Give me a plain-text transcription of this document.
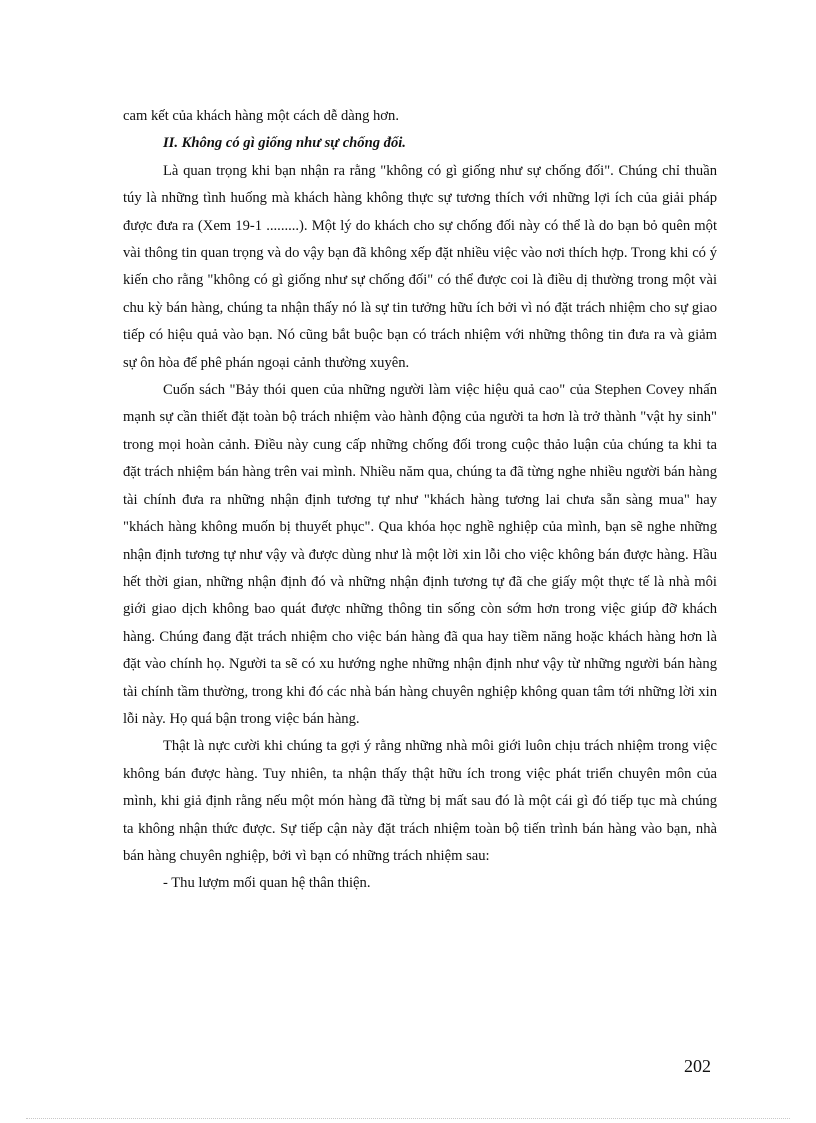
cam kết của khách hàng một cách dễ dàng hơn.

II. Không có gì giống như sự chống đối.

Là quan trọng khi bạn nhận ra rằng "không có gì giống như sự chống đối". Chúng chỉ thuần túy là những tình huống mà khách hàng không thực sự tương thích với những lợi ích của giải pháp được đưa ra (Xem 19-1 .........). Một lý do khách cho sự chống đối này có thể là do bạn bỏ quên một vài thông tin quan trọng và do vậy bạn đã không xếp đặt nhiều việc vào nơi thích hợp. Trong khi có ý kiến cho rằng "không có gì giống như sự chống đối" có thể được coi là điều dị thường trong một vài chu kỳ bán hàng, chúng ta nhận thấy nó là sự tin tưởng hữu ích bởi vì nó đặt trách nhiệm cho sự giao tiếp có hiệu quả vào bạn. Nó cũng bắt buộc bạn có trách nhiệm với những thông tin đưa ra và giảm sự ôn hòa để phê phán ngoại cảnh thường xuyên.

Cuốn sách "Bảy thói quen của những người làm việc hiệu quả cao" của Stephen Covey nhấn mạnh sự cần thiết đặt toàn bộ trách nhiệm vào hành động của người ta hơn là trở thành "vật hy sinh" trong mọi hoàn cảnh. Điều này cung cấp những chống đối trong cuộc thảo luận của chúng ta khi ta đặt trách nhiệm bán hàng trên vai mình. Nhiều năm qua, chúng ta đã từng nghe nhiều người bán hàng tài chính đưa ra những nhận định tương tự như "khách hàng tương lai chưa sẵn sàng mua" hay "khách hàng không muốn bị thuyết phục". Qua khóa học nghề nghiệp của mình, bạn sẽ nghe những nhận định tương tự như vậy và được dùng như là một lời xin lỗi cho việc không bán được hàng. Hầu hết thời gian, những nhận định đó và những nhận định tương tự đã che giấy một thực tế là nhà môi giới giao dịch không bao quát được những thông tin sống còn sớm hơn trong việc giúp đỡ khách hàng. Chúng đang đặt trách nhiệm cho việc bán hàng đã qua hay tiềm năng hoặc khách hàng hơn là đặt vào chính họ. Người ta sẽ có xu hướng nghe những nhận định như vậy từ những người bán hàng tài chính tầm thường, trong khi đó các nhà bán hàng chuyên nghiệp không quan tâm tới những lời xin lỗi này. Họ quá bận trong việc bán hàng.

Thật là nực cười khi chúng ta gợi ý rằng những nhà môi giới luôn chịu trách nhiệm trong việc không bán được hàng. Tuy nhiên, ta nhận thấy thật hữu ích trong việc phát triển chuyên môn của mình, khi giả định rằng nếu một món hàng đã từng bị mất sau đó là một cái gì đó tiếp tục mà chúng ta không nhận thức được. Sự tiếp cận này đặt trách nhiệm toàn bộ tiến trình bán hàng vào bạn, nhà bán hàng chuyên nghiệp, bởi vì bạn có những trách nhiệm sau:

- Thu lượm mối quan hệ thân thiện.

202
